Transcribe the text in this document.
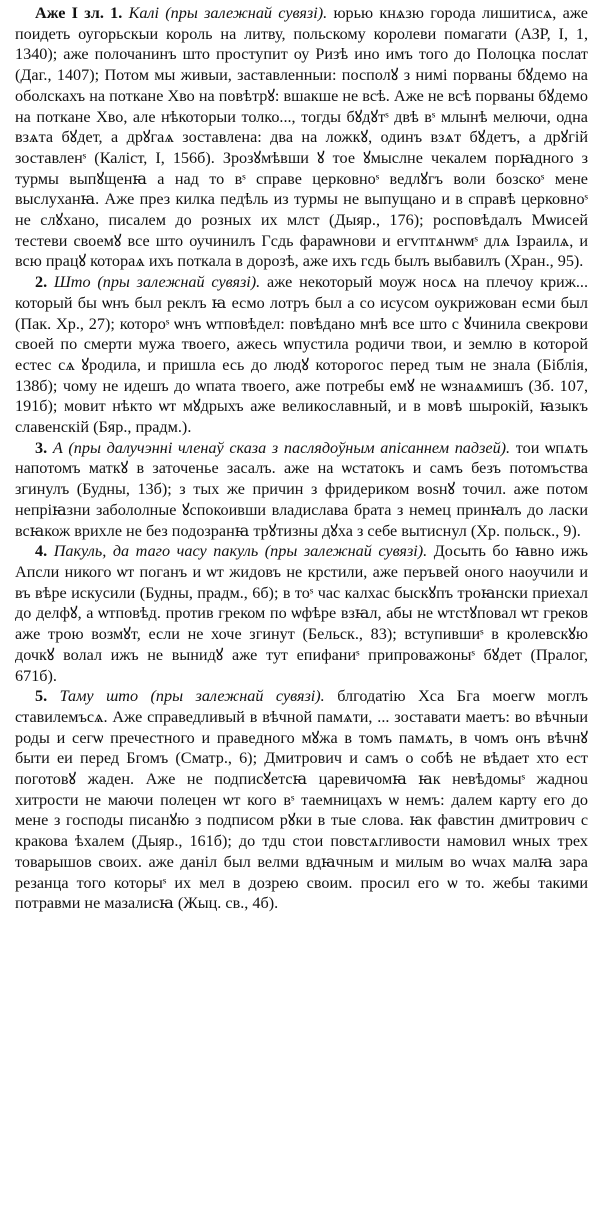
Аже І зл. 1. Калі (пры залежнай сувязі). юрью кнѧзю города лишитисѧ, аже поидеть оугорьскыи король на литву, польскому королеви помагати (АЗР, I, 1, 1340); аже полочанинъ што проступит оу Ризѣ ино имъ того до Полоцка послат (Даг., 1407); Потом мы живыи, заставленныи: посполꙋ з нимі порваны бꙋдемо на оболскахъ на поткане Хво на повѣтрꙋ: вшакше не всѣ. Аже не всѣ порваны бꙋдемо на поткане Хво, але нѣкоторыи толко..., тогды бꙋдꙋтˢ двѣ вˢ млынѣ мелючи, одна взѧта бꙋдет, а дрꙋгаѧ зоставлена: два на ложкꙋ, одинъ взѧт бꙋдетъ, а дрꙋгій зоставленˢ (Каліст, І, 156б). Зрозꙋмѣвши ꙋ тое ꙋмыслне чекалем порꙗдного з турмы выпꙋщенꙗ а над то вˢ справе церковноˢ ведлꙋгъ воли бозскоˢ мене выслуханꙗ. Аже през килка педѣль из турмы не выпущано и в справѣ церковноˢ не слꙋхано, писалем до розных их млст (Дыяр., 176); росповѣдалъ Мѡисей тестеви своемꙋ все што оучинилъ Гсдь фараѡнови и егѵптѧнѡмˢ длѧ Ізраилѧ, и всю працꙋ котораѧ ихъ поткала в дорозѣ, аже ихъ гсдь былъ выбавилъ (Хран., 95).

2. Што (пры залежнай сувязі). аже некоторый моуж носѧ на плечоу криж... который бы ѡнъ был реклъ ꙗ есмо лотръ был а со исусом оукрижован есми был (Пак. Хр., 27); которoˢ ѡнъ ѡтповѣдел: повѣдано мнѣ все што с ꙋчинила свекрови своей по смерти мужа твоего, ажесь ѡпустила родичи твои, и землю в которой естес сѧ ꙋродила, и пришла есь до людꙋ которогос перед тым не знала (Біблія, 138б); чому не идешъ до ѡпата твоего, аже потребы емꙋ не ѡзнаѧмишъ (Зб. 107, 191б); мовит нѣкто ѡт мꙋдрыхъ аже великославный, и в мовѣ шырокій, ꙗзыкъ славенскій (Бяр., прадм.).

3. А (пры далучэнні членаў сказа з паслядоўным апісаннем падзей). тои ѡпѧть напотомъ маткꙋ в заточенье засалъ. аже на ѡстатокъ и самъ безъ потомъства згинулъ (Будны, 13б); з тых же причин з фридериком воѕнꙋ точил. аже потом непріꙗзни забололные ꙋспокоивши владислава брата з немец принꙗлъ до ласки всꙗкож врихле не без подозранꙗ трꙋтизны дꙋха з себе вытиснул (Хр. польск., 9).

4. Пакуль, да таго часу пакуль (пры залежнай сувязі). Досыть бо ꙗвно ижь Апсли никого ѡт поганъ и ѡт жидовъ не крстили, аже перъвей оного наоучили и въ вѣре искусили (Будны, прадм., 6б); в тоˢ час калхас быскꙋпъ троꙗнски приехал до делфꙋ, а ѡтповѣд. против греком по ѡфѣре взꙗл, абы не ѡтстꙋповал ѡт греков аже трою возмꙋт, если не хоче згинут (Бельск., 83); вступившиˢ в кролевскꙋю дочкꙋ волал ижъ не вынидꙋ аже тут епифаниˢ припроважоныˢ бꙋдет (Пралог, 671б).

5. Таму што (пры залежнай сувязі). блгодатію Хса Бга моегѡ моглъ ставилемъсѧ. Аже справедливый в вѣчной памѧти, ... зоставати маетъ: во вѣчныи роды и сегѡ пречестного и праведного мꙋжа в томъ памѧть, в чомъ онъ вѣчнꙋ быти еи перед Бгомъ (Сматр., 6); Дмитрович и самъ о собѣ не вѣдает хто ест поготовꙋ жаден. Аже не подписꙋетсꙗ царевичомꙗ ꙗк невѣдомыˢ жадноu хитрости не маючи полецен ѡт кого вˢ таемницахъ ѡ немъ: далем карту его до мене з господы писанꙋю з подписом рꙋки в тые слова. ꙗк фавстин дмитрович с кракова ѣхалем (Дыяр., 161б); до тдu стои повстѧгливости намовил ѡных трех товарышов своих. аже даніл был велми вдꙗчным и милым во ѡчах малꙗ зара резанца того которыˢ их мел в дозрею своим. просил его ѡ то. жебы такими потравми не мазалисꙗ (Жыц. св., 4б).
